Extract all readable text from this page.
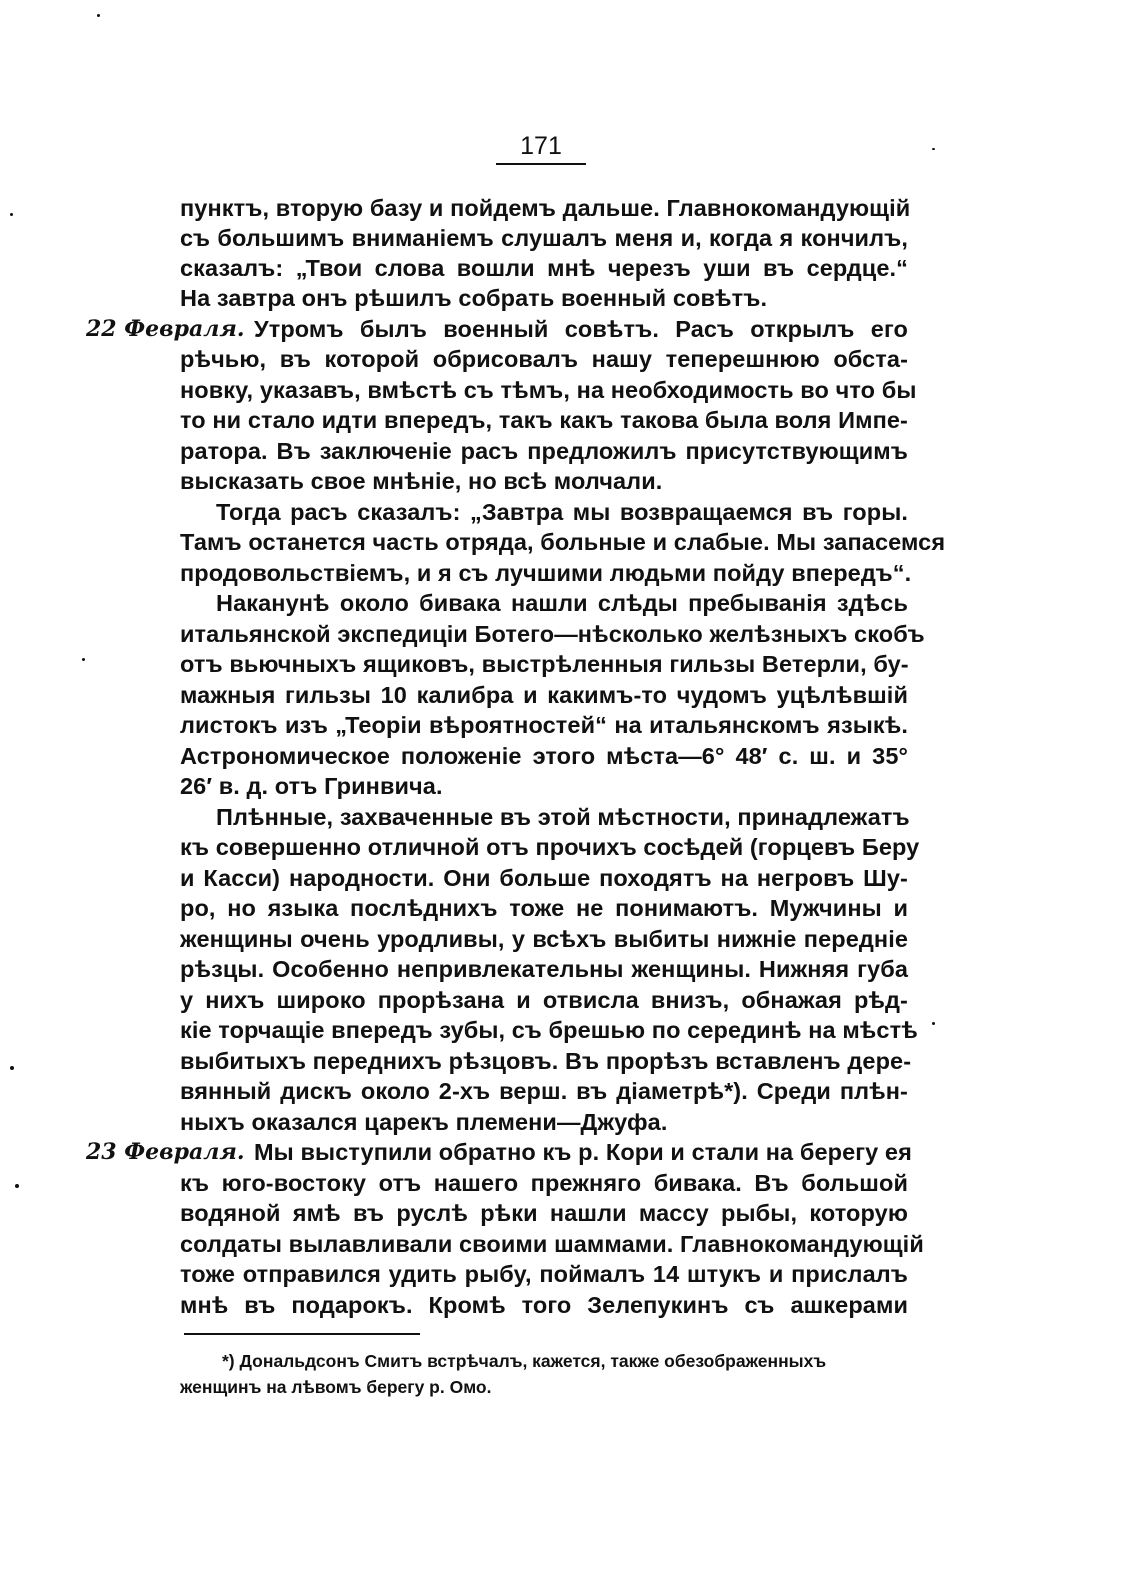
171
пунктъ, вторую базу и пойдемъ дальше. Главнокомандующій
съ большимъ вниманіемъ слушалъ меня и, когда я кончилъ,
сказалъ: „Твои слова вошли мнѣ черезъ уши въ сердце.“
На завтра онъ рѣшилъ собрать военный совѣтъ.
22 Февраля. Утромъ былъ военный совѣтъ. Расъ открылъ его
рѣчью, въ которой обрисовалъ нашу теперешнюю обста-
новку, указавъ, вмѣстѣ съ тѣмъ, на необходимость во что бы
то ни стало идти впередъ, такъ какъ такова была воля Импе-
ратора. Въ заключеніе расъ предложилъ присутствующимъ
высказать свое мнѣніе, но всѣ молчали.
Тогда расъ сказалъ: „Завтра мы возвращаемся въ горы.
Тамъ останется часть отряда, больные и слабые. Мы запасемся
продовольствіемъ, и я съ лучшими людьми пойду впередъ“.
Наканунѣ около бивака нашли слѣды пребыванія здѣсь
итальянской экспедиціи Ботего—нѣсколько желѣзныхъ скобъ
отъ вьючныхъ ящиковъ, выстрѣленныя гильзы Ветерли, бу-
мажныя гильзы 10 калибра и какимъ-то чудомъ уцѣлѣвшій
листокъ изъ „Теоріи вѣроятностей“ на итальянскомъ языкѣ.
Астрономическое положеніе этого мѣста—6° 48′ с. ш. и 35°
26′ в. д. отъ Гринвича.
Плѣнные, захваченные въ этой мѣстности, принадлежатъ
къ совершенно отличной отъ прочихъ сосѣдей (горцевъ Беру
и Касси) народности. Они больше походятъ на негровъ Шу-
ро, но языка послѣднихъ тоже не понимаютъ. Мужчины и
женщины очень уродливы, у всѣхъ выбиты нижніе передніе
рѣзцы. Особенно непривлекательны женщины. Нижняя губа
у нихъ широко прорѣзана и отвисла внизъ, обнажая рѣд-
кіе торчащіе впередъ зубы, съ брешью по серединѣ на мѣстѣ
выбитыхъ переднихъ рѣзцовъ. Въ прорѣзъ вставленъ дере-
вянный дискъ около 2-хъ верш. въ діаметрѣ*). Среди плѣн-
ныхъ оказался царекъ племени—Джуфа.
23 Февраля. Мы выступили обратно къ р. Кори и стали на берегу ея
къ юго-востоку отъ нашего прежняго бивака. Въ большой
водяной ямѣ въ руслѣ рѣки нашли массу рыбы, которую
солдаты вылавливали своими шаммами. Главнокомандующій
тоже отправился удить рыбу, поймалъ 14 штукъ и прислалъ
мнѣ въ подарокъ. Кромѣ того Зелепукинъ съ ашкерами
*) Дональдсонъ Смитъ встрѣчалъ, кажется, также обезображенныхъ
женщинъ на лѣвомъ берегу р. Омо.
